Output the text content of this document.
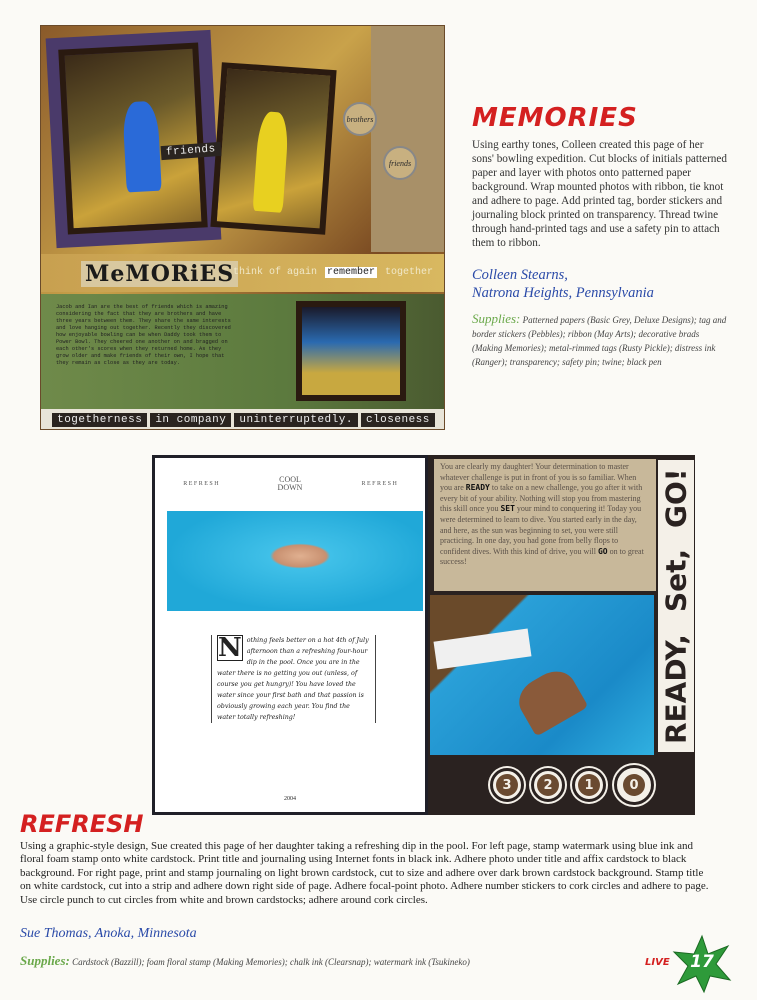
friends
brothers
friends
MeMORiES
think of again remember together
Jacob and Ian are the best of friends which is amazing considering the fact that they are brothers and have three years between them. They share the same interests and love hanging out together. Recently they discovered how enjoyable bowling can be when Daddy took them to Power Bowl. They cheered one another on and bragged on each other's scores when they returned home. As they grow older and make friends of their own, I hope that they remain as close as they are today.
togetherness	in company	uninterruptedly.	closeness
MEMORIES
Using earthy tones, Colleen created this page of her sons' bowling expedition. Cut blocks of initials patterned paper and layer with photos onto patterned paper background. Wrap mounted photos with ribbon, tie knot and adhere to page. Add printed tag, border stickers and journaling block printed on transparency. Thread twine through hand-printed tags and use a safety pin to attach them to ribbon.
Colleen Stearns,
Natrona Heights, Pennsylvania
Supplies: Patterned papers (Basic Grey, Deluxe Designs); tag and border stickers (Pebbles); ribbon (May Arts); decorative brads (Making Memories); metal-rimmed tags (Rusty Pickle); distress ink (Ranger); transparency; safety pin; twine; black pen
R E F R E S H	COOL DOWN	R E F R E S H
N othing feels better on a hot 4th of July afternoon than a refreshing four-hour dip in the pool. Once you are in the water there is no getting you out (unless, of course you get hungry)! You have loved the water since your first bath and that passion is obviously growing each year. You find the water totally refreshing!
2004
You are clearly my daughter! Your determination to master whatever challenge is put in front of you is so familiar. When you are READY to take on a new challenge, you go after it with every bit of your ability. Nothing will stop you from mastering this skill once you SET your mind to conquering it! Today you were determined to learn to dive. You started early in the day, and here, as the sun was beginning to set, you were still practicing. In one day, you had gone from belly flops to confident dives. With this kind of drive, you will GO on to great success!
READY,
Set,
GO!
3	2	1	0
REFRESH
Using a graphic-style design, Sue created this page of her daughter taking a refreshing dip in the pool. For left page, stamp watermark using blue ink and floral foam stamp onto white cardstock. Print title and journaling using Internet fonts in black ink. Adhere photo under title and affix cardstock to black background. For right page, print and stamp journaling on light brown cardstock, cut to size and adhere over dark brown cardstock background. Stamp title on white cardstock, cut into a strip and adhere down right side of page. Adhere focal-point photo. Adhere number stickers to cork circles and adhere to page. Use circle punch to cut circles from white and brown cardstocks; adhere around cork circles.
Sue Thomas, Anoka, Minnesota
Supplies: Cardstock (Bazzill); foam floral stamp (Making Memories); chalk ink (Clearsnap); watermark ink (Tsukineko)	LIVE 17
